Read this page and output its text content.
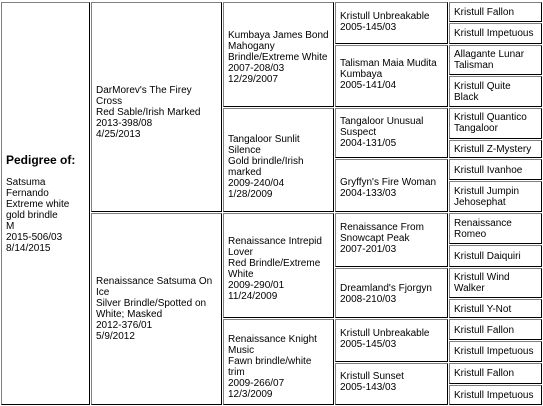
Pedigree of:
Satsuma
Fernando
Extreme white
gold brindle
M
2015-506/03
8/14/2015
DarMorev's The Firey Cross
Red Sable/Irish Marked
2013-398/08
4/25/2013
Renaissance Satsuma On
Ice
Silver Brindle/Spotted on
White; Masked
2012-376/01
5/9/2012
Kumbaya James Bond
Mahogany
Brindle/Extreme White
2007-208/03
12/29/2007
Tangaloor Sunlit
Silence
Gold brindle/Irish
marked
2009-240/04
1/28/2009
Renaissance Intrepid
Lover
Red Brindle/Extreme
White
2009-290/01
11/24/2009
Renaissance Knight
Music
Fawn brindle/white trim
2009-266/07
12/3/2009
Kristull Unbreakable
2005-145/03
Talisman Maia Mudita
Kumbaya
2005-141/04
Tangaloor Unusual
Suspect
2004-131/05
Gryffyn's Fire Woman
2004-133/03
Renaissance From
Snowcapt Peak
2007-201/03
Dreamland's Fjorgyn
2008-210/03
Kristull Unbreakable
2005-145/03
Kristull Sunset
2005-143/03
Kristull Fallon
Kristull Impetuous
Allagante Lunar
Talisman
Kristull Quite
Black
Kristull Quantico
Tangaloor
Kristull Z-Mystery
Kristull Ivanhoe
Kristull Jumpin
Jehosephat
Renaissance
Romeo
Kristull Daiquiri
Kristull Wind
Walker
Kristull Y-Not
Kristull Fallon
Kristull Impetuous
Kristull Fallon
Kristull Impetuous
